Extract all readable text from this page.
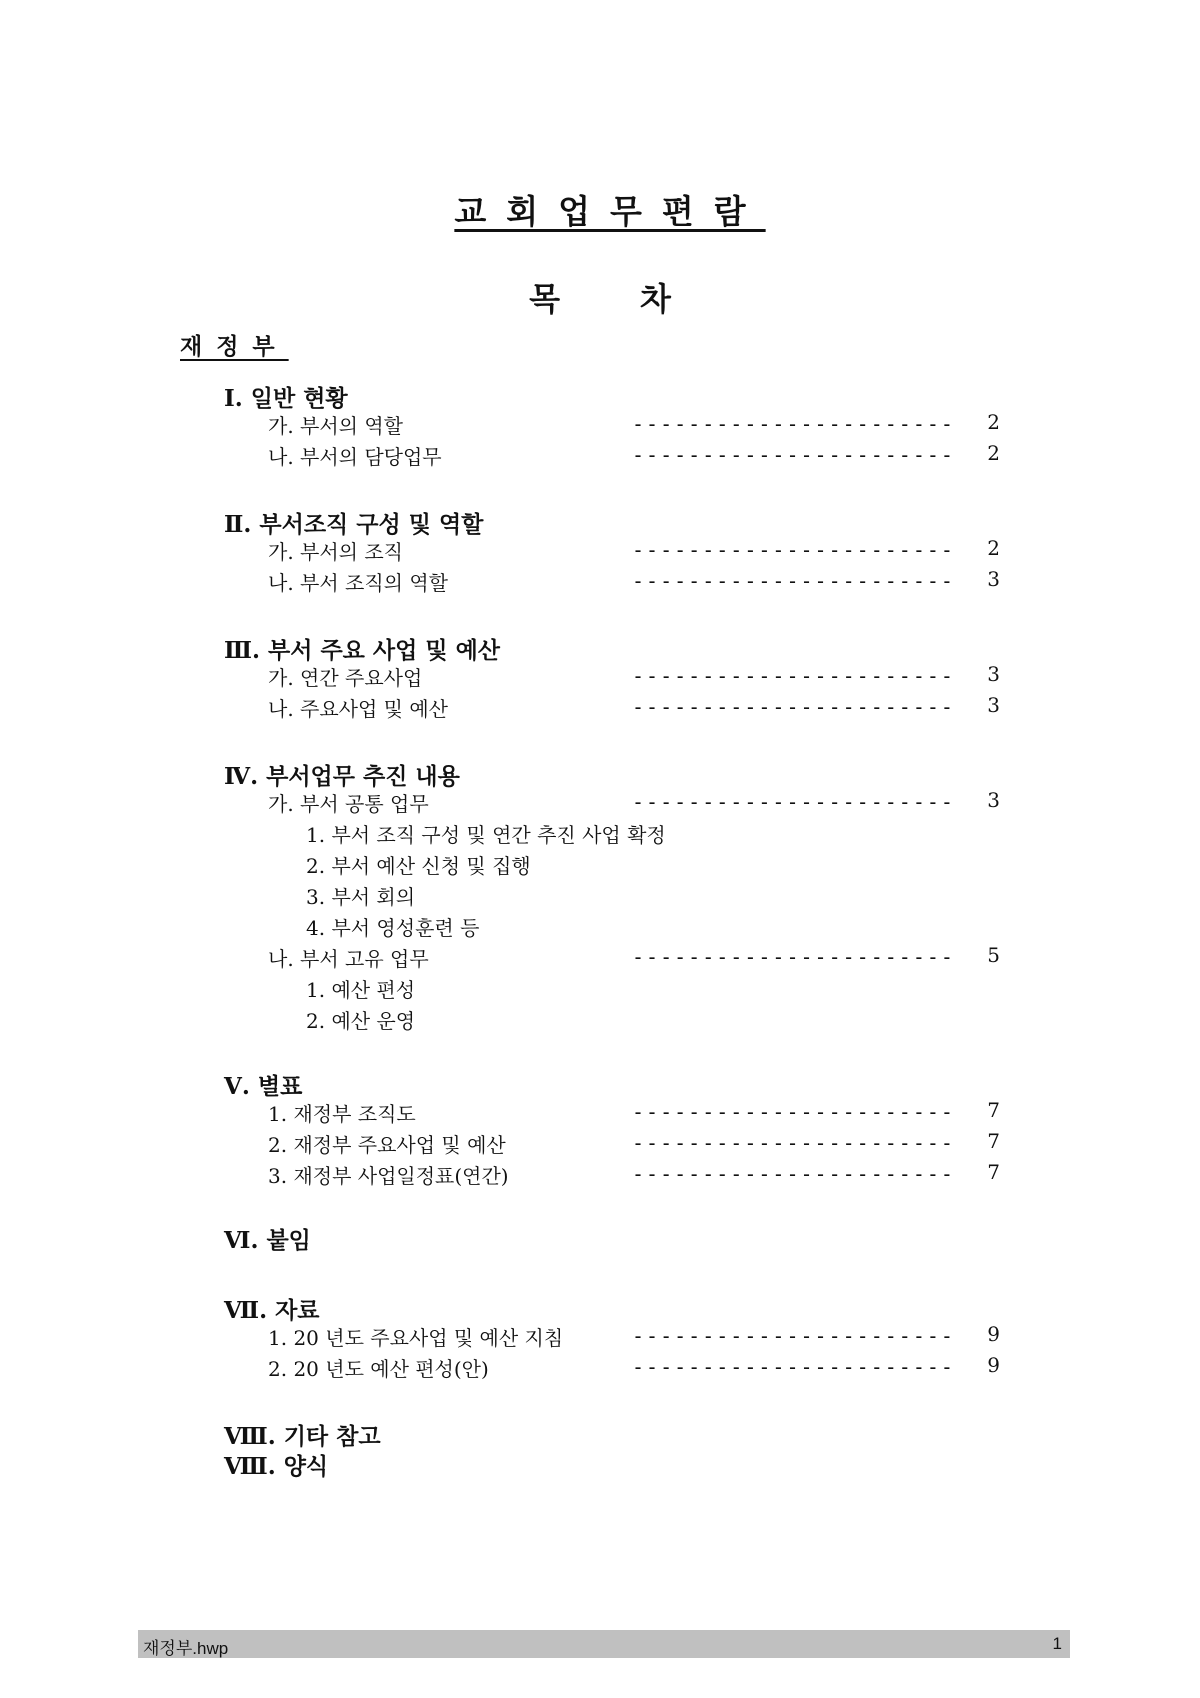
교회업무편람
목	차
재정부
Ⅰ. 일반 현황
가. 부서의 역할	-----------------------	2
나. 부서의 담당업무	-----------------------	2
Ⅱ. 부서조직 구성 및 역할
가. 부서의 조직	-----------------------	2
나. 부서 조직의 역할	-----------------------	3
Ⅲ. 부서 주요 사업 및 예산
가. 연간 주요사업	-----------------------	3
나. 주요사업 및 예산	-----------------------	3
Ⅳ. 부서업무 추진 내용
가. 부서 공통 업무	-----------------------	3
1. 부서 조직 구성 및 연간 추진 사업 확정
2. 부서 예산 신청 및 집행
3. 부서 회의
4. 부서 영성훈련 등
나. 부서 고유 업무	-----------------------	5
1. 예산 편성
2. 예산 운영
Ⅴ. 별표
1. 재정부 조직도	-----------------------	7
2. 재정부 주요사업 및 예산	-----------------------	7
3. 재정부 사업일정표(연간)	-----------------------	7
Ⅵ. 붙임
Ⅶ. 자료
1. 20 년도 주요사업 및 예산 지침	-----------------------	9
2. 20 년도 예산 편성(안)	-----------------------	9
Ⅷ. 기타 참고
Ⅷ. 양식
재정부.hwp	1
